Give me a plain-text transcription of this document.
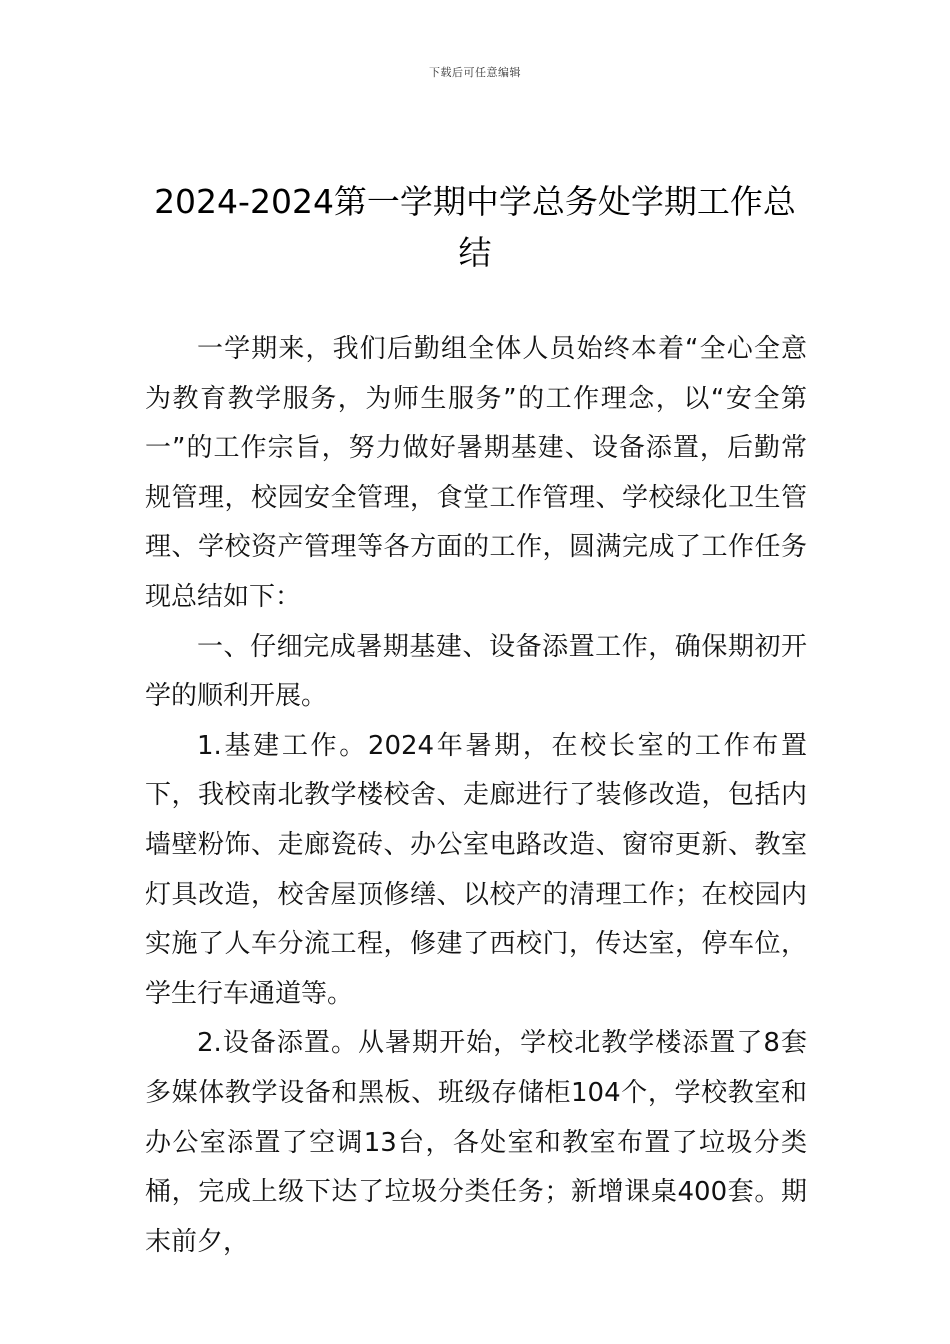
下载后可任意编辑
2024-2024第一学期中学总务处学期工作总结

一学期来，我们后勤组全体人员始终本着“全心全意为教育教学服务，为师生服务”的工作理念，以“安全第一”的工作宗旨，努力做好暑期基建、设备添置，后勤常规管理，校园安全管理，食堂工作管理、学校绿化卫生管理、学校资产管理等各方面的工作，圆满完成了工作任务现总结如下：

一、仔细完成暑期基建、设备添置工作，确保期初开学的顺利开展。

1.基建工作。2024年暑期，在校长室的工作布置下，我校南北教学楼校舍、走廊进行了装修改造，包括内墙壁粉饰、走廊瓷砖、办公室电路改造、窗帘更新、教室灯具改造，校舍屋顶修缮、以校产的清理工作；在校园内实施了人车分流工程，修建了西校门，传达室，停车位，学生行车通道等。

2.设备添置。从暑期开始，学校北教学楼添置了8套多媒体教学设备和黑板、班级存储柜104个，学校教室和办公室添置了空调13台，各处室和教室布置了垃圾分类桶，完成上级下达了垃圾分类任务；新增课桌400套。期末前夕，
